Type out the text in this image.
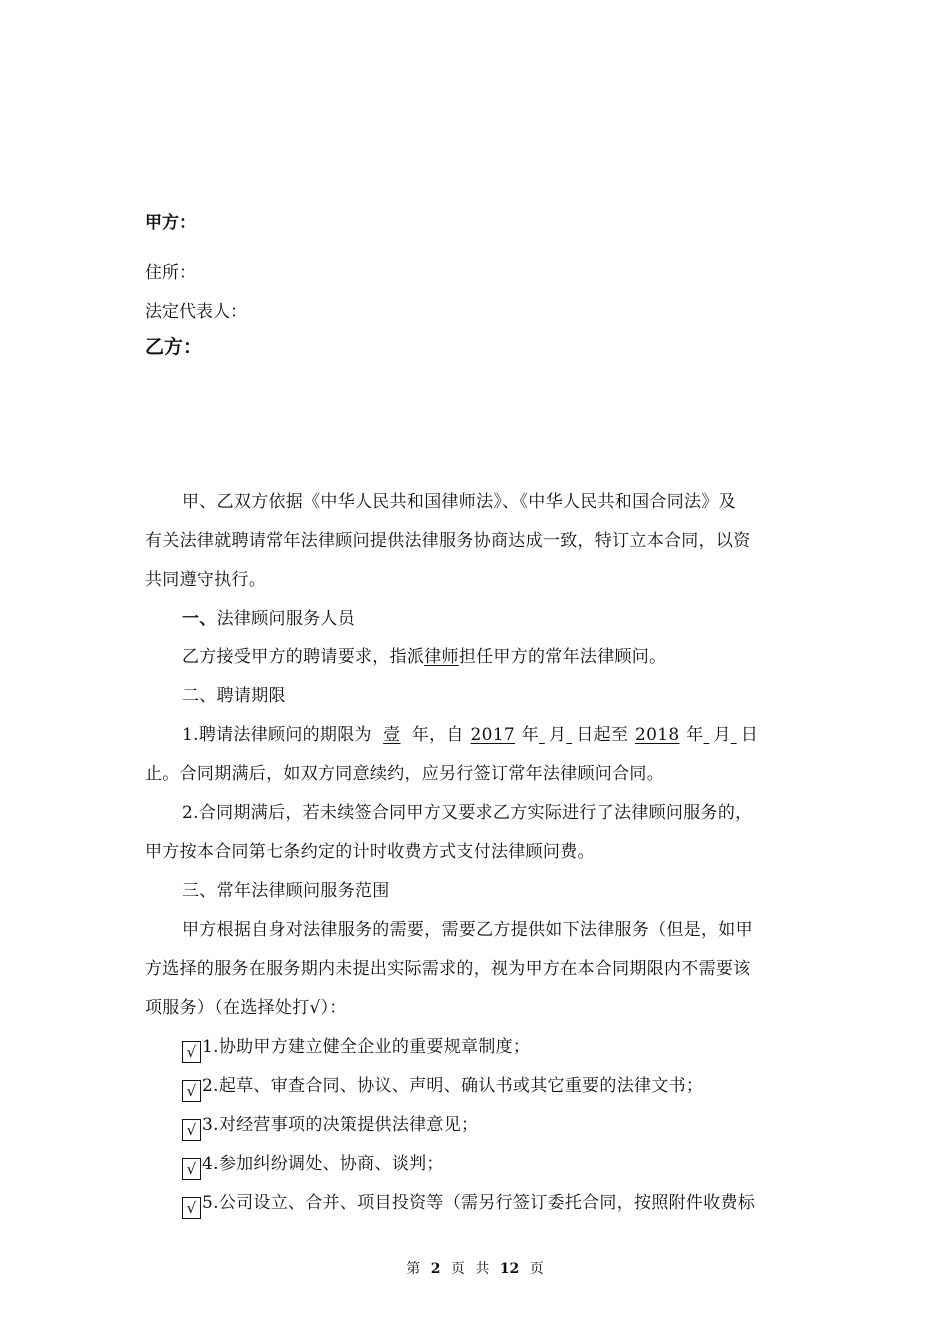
甲方：
住所：
法定代表人：
乙方：
甲、乙双方依据《中华人民共和国律师法》、《中华人民共和国合同法》及
有关法律就聘请常年法律顾问提供法律服务协商达成一致，特订立本合同，以资
共同遵守执行。
一、法律顾问服务人员
乙方接受甲方的聘请要求，指派律师担任甲方的常年法律顾问。
二、聘请期限
1.聘请法律顾问的期限为 壹 年，自 2017 年 月 日起至 2018 年 月 日
止。合同期满后，如双方同意续约，应另行签订常年法律顾问合同。
2.合同期满后，若未续签合同甲方又要求乙方实际进行了法律顾问服务的，
甲方按本合同第七条约定的计时收费方式支付法律顾问费。
三、常年法律顾问服务范围
甲方根据自身对法律服务的需要，需要乙方提供如下法律服务（但是，如甲
方选择的服务在服务期内未提出实际需求的，视为甲方在本合同期限内不需要该
项服务）（在选择处打√）：
√ 1.协助甲方建立健全企业的重要规章制度；
√ 2.起草、审查合同、协议、声明、确认书或其它重要的法律文书；
√ 3.对经营事项的决策提供法律意见；
√ 4.参加纠纷调处、协商、谈判；
√ 5.公司设立、合并、项目投资等（需另行签订委托合同，按照附件收费标
第 2 页 共 12 页
